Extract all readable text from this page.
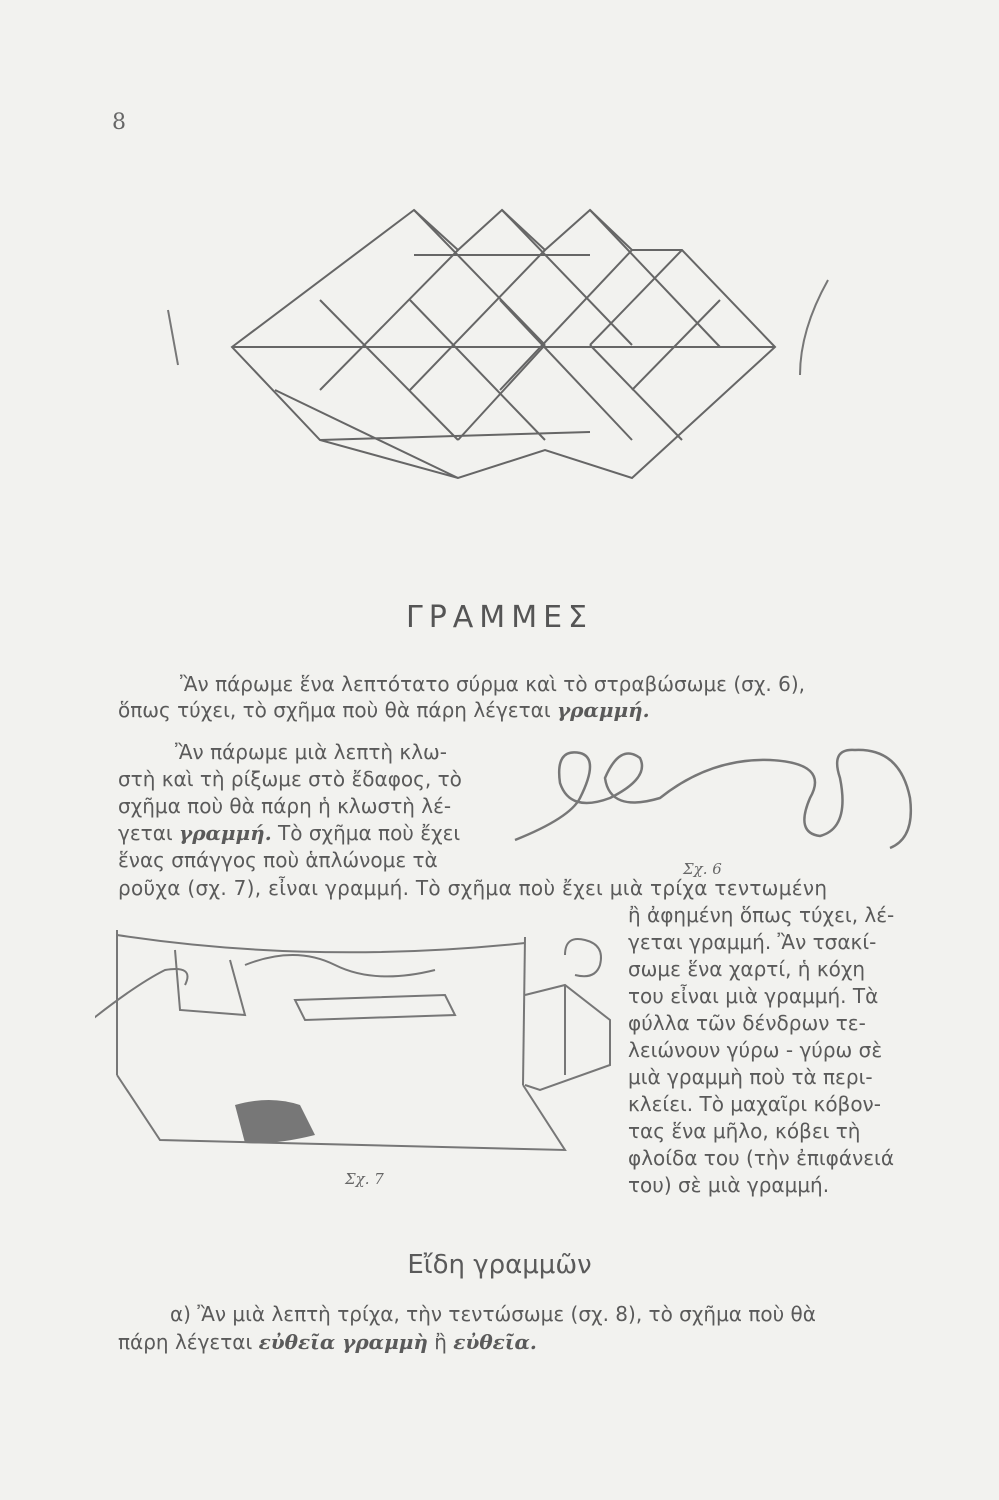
8
ΓΡΑΜΜΕΣ
Ἂν πάρωμε ἕνα λεπτότατο σύρμα καὶ τὸ στραβώσωμε (σχ. 6),
ὅπως τύχει, τὸ σχῆμα ποὺ θὰ πάρη λέγεται γραμμή.
Ἂν πάρωμε μιὰ λεπτὴ κλω-
στὴ καὶ τὴ ρίξωμε στὸ ἔδαφος, τὸ
σχῆμα ποὺ θὰ πάρη ἡ κλωστὴ λέ-
γεται γραμμή. Τὸ σχῆμα ποὺ ἔχει
ἕνας σπάγγος ποὺ ἁπλώνομε τὰ
ροῦχα (σχ. 7), εἶναι γραμμή. Τὸ σχῆμα ποὺ ἔχει μιὰ τρίχα τεντωμένη
Σχ. 6
Σχ. 7
ἢ ἀφημένη ὅπως τύχει, λέ-
γεται γραμμή. Ἂν τσακί-
σωμε ἕνα χαρτί, ἡ κόχη
του εἶναι μιὰ γραμμή. Τὰ
φύλλα τῶν δένδρων τε-
λειώνουν γύρω - γύρω σὲ
μιὰ γραμμὴ ποὺ τὰ περι-
κλείει. Τὸ μαχαῖρι κόβον-
τας ἕνα μῆλο, κόβει τὴ
φλοίδα του (τὴν ἐπιφάνειά
του) σὲ μιὰ γραμμή.
Εἴδη γραμμῶν
α) Ἂν μιὰ λεπτὴ τρίχα, τὴν τεντώσωμε (σχ. 8), τὸ σχῆμα ποὺ θὰ
πάρη λέγεται εὐθεῖα γραμμὴ ἢ εὐθεῖα.
